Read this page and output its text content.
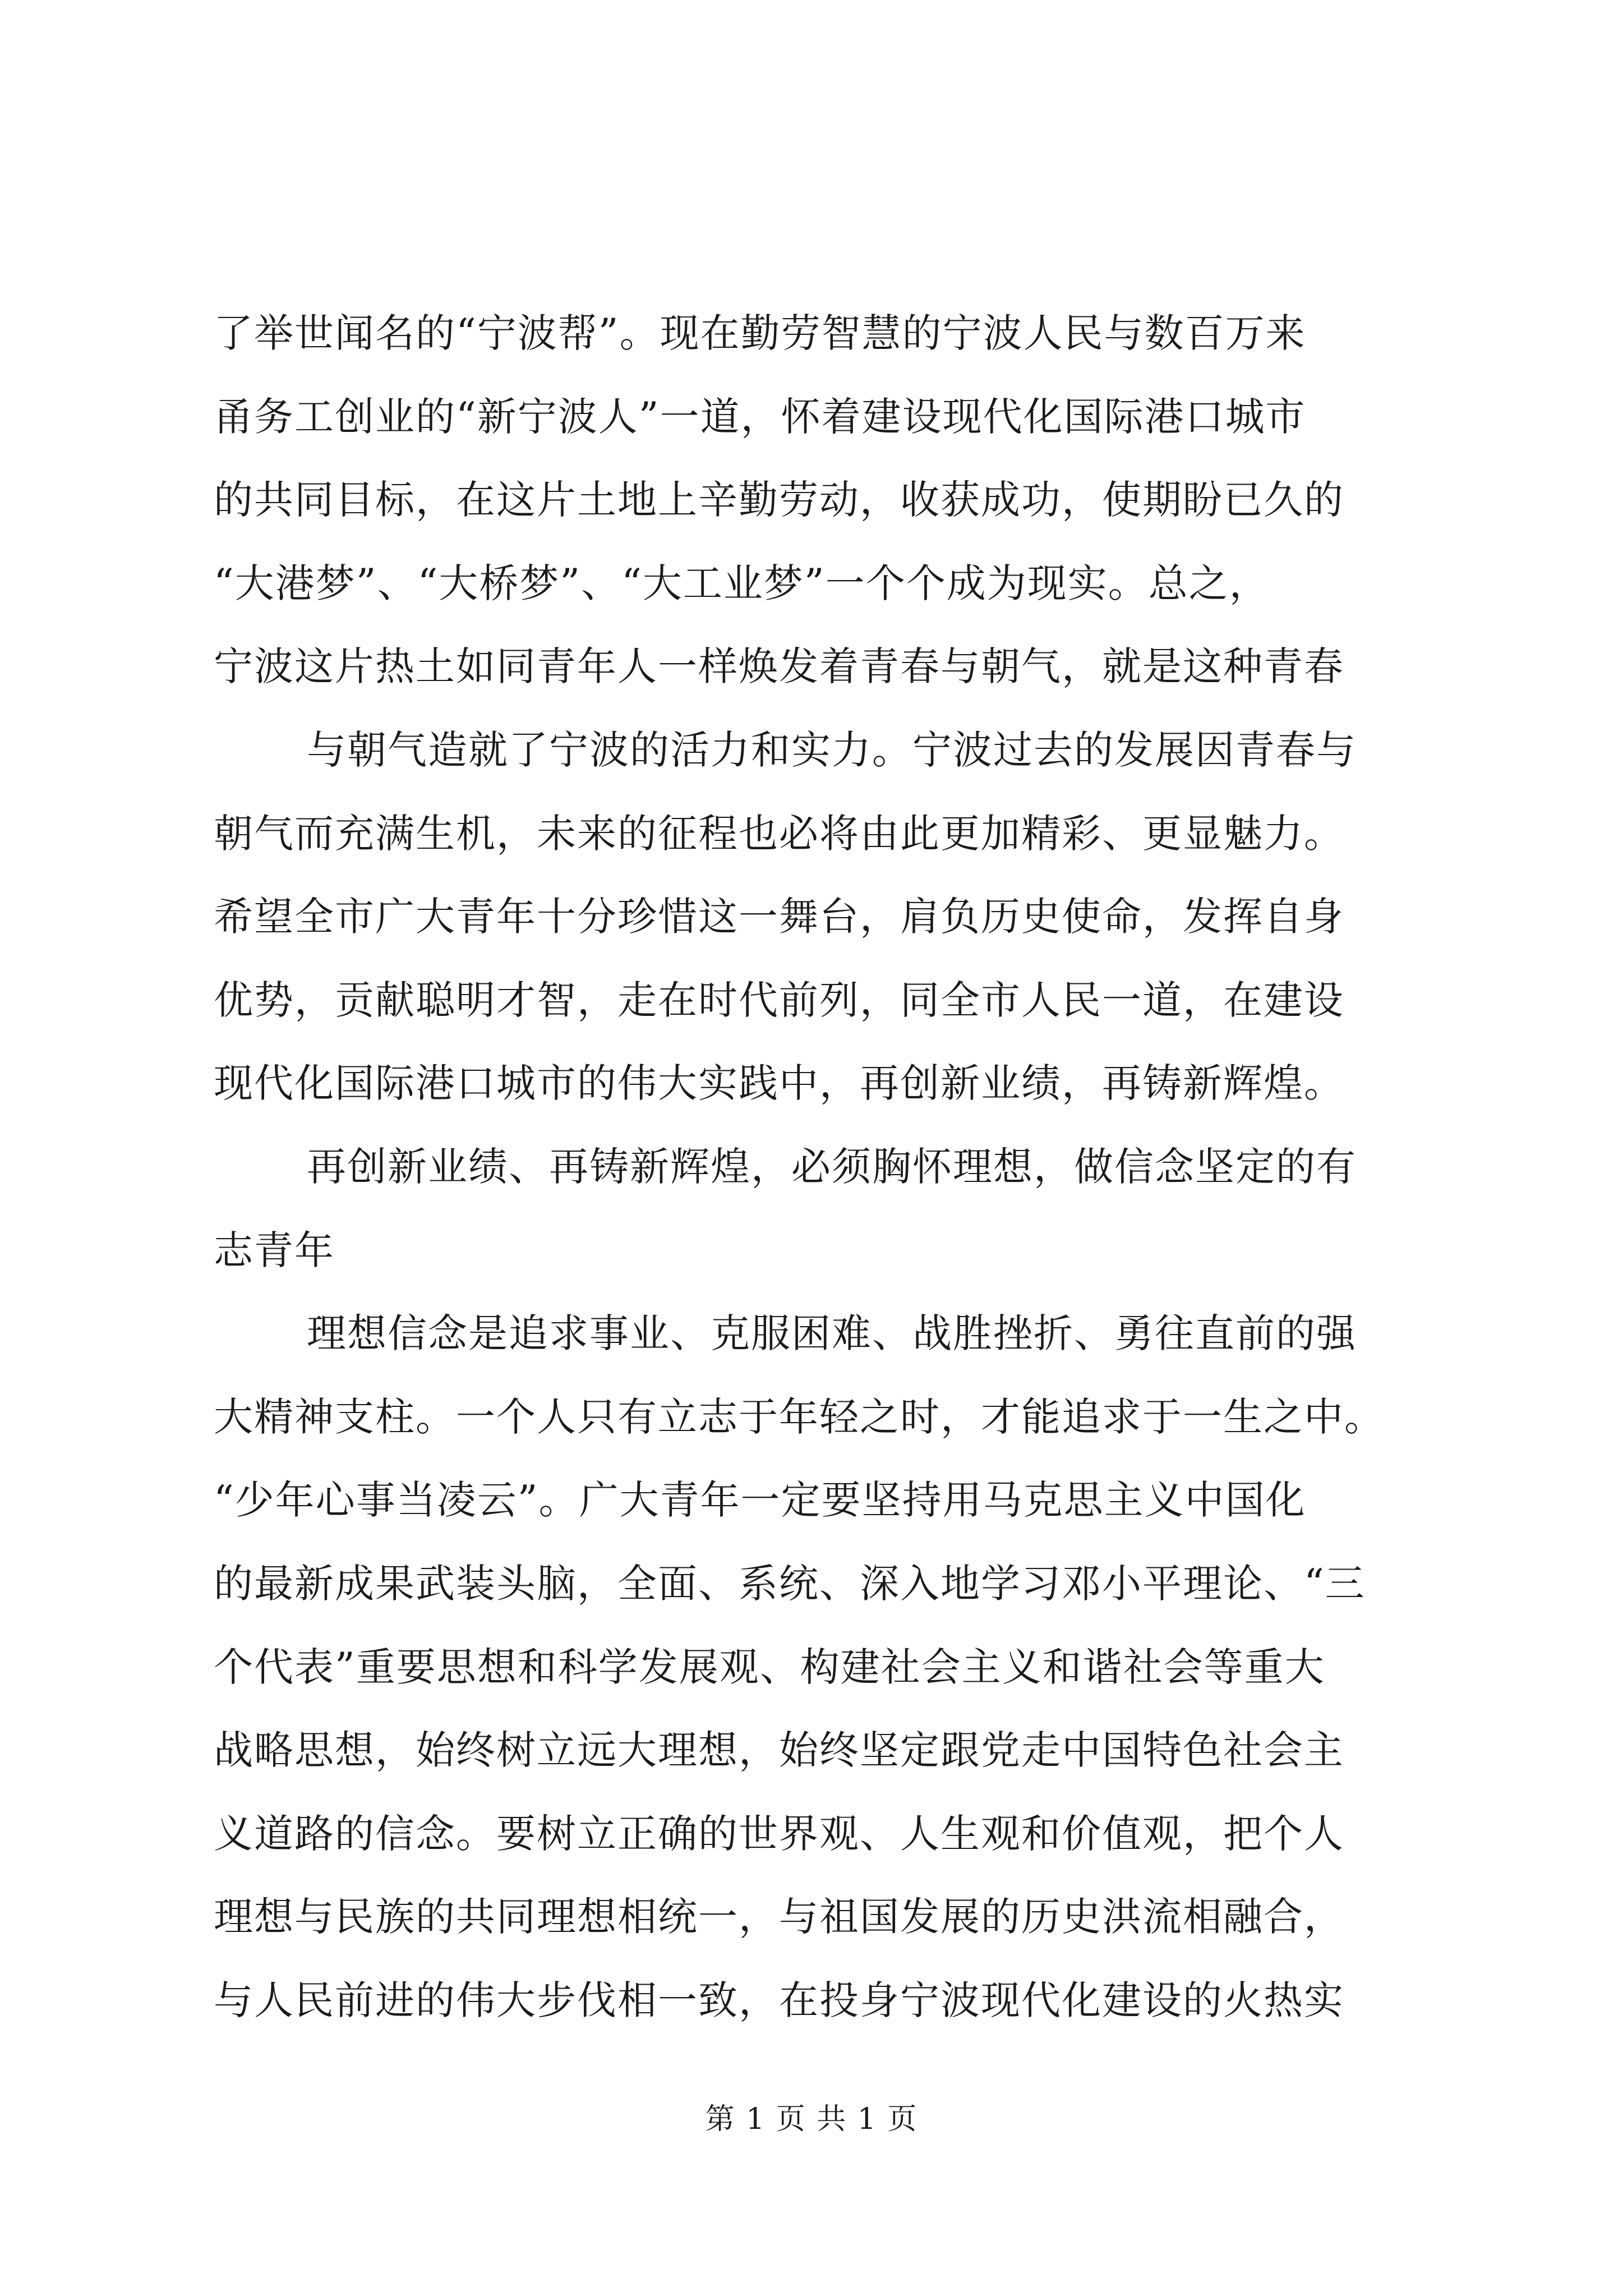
了举世闻名的“宁波帮”。现在勤劳智慧的宁波人民与数百万来
甬务工创业的“新宁波人”一道，怀着建设现代化国际港口城市
的共同目标，在这片土地上辛勤劳动，收获成功，使期盼已久的
“大港梦”、“大桥梦”、“大工业梦”一个个成为现实。总之，
宁波这片热土如同青年人一样焕发着青春与朝气，就是这种青春
与朝气造就了宁波的活力和实力。宁波过去的发展因青春与
朝气而充满生机，未来的征程也必将由此更加精彩、更显魅力。
希望全市广大青年十分珍惜这一舞台，肩负历史使命，发挥自身
优势，贡献聪明才智，走在时代前列，同全市人民一道，在建设
现代化国际港口城市的伟大实践中，再创新业绩，再铸新辉煌。
再创新业绩、再铸新辉煌，必须胸怀理想，做信念坚定的有
志青年
理想信念是追求事业、克服困难、战胜挫折、勇往直前的强
大精神支柱。一个人只有立志于年轻之时，才能追求于一生之中。
“少年心事当凌云”。广大青年一定要坚持用马克思主义中国化
的最新成果武装头脑，全面、系统、深入地学习邓小平理论、“三
个代表”重要思想和科学发展观、构建社会主义和谐社会等重大
战略思想，始终树立远大理想，始终坚定跟党走中国特色社会主
义道路的信念。要树立正确的世界观、人生观和价值观，把个人
理想与民族的共同理想相统一，与祖国发展的历史洪流相融合，
与人民前进的伟大步伐相一致，在投身宁波现代化建设的火热实
第 1 页 共 1 页
